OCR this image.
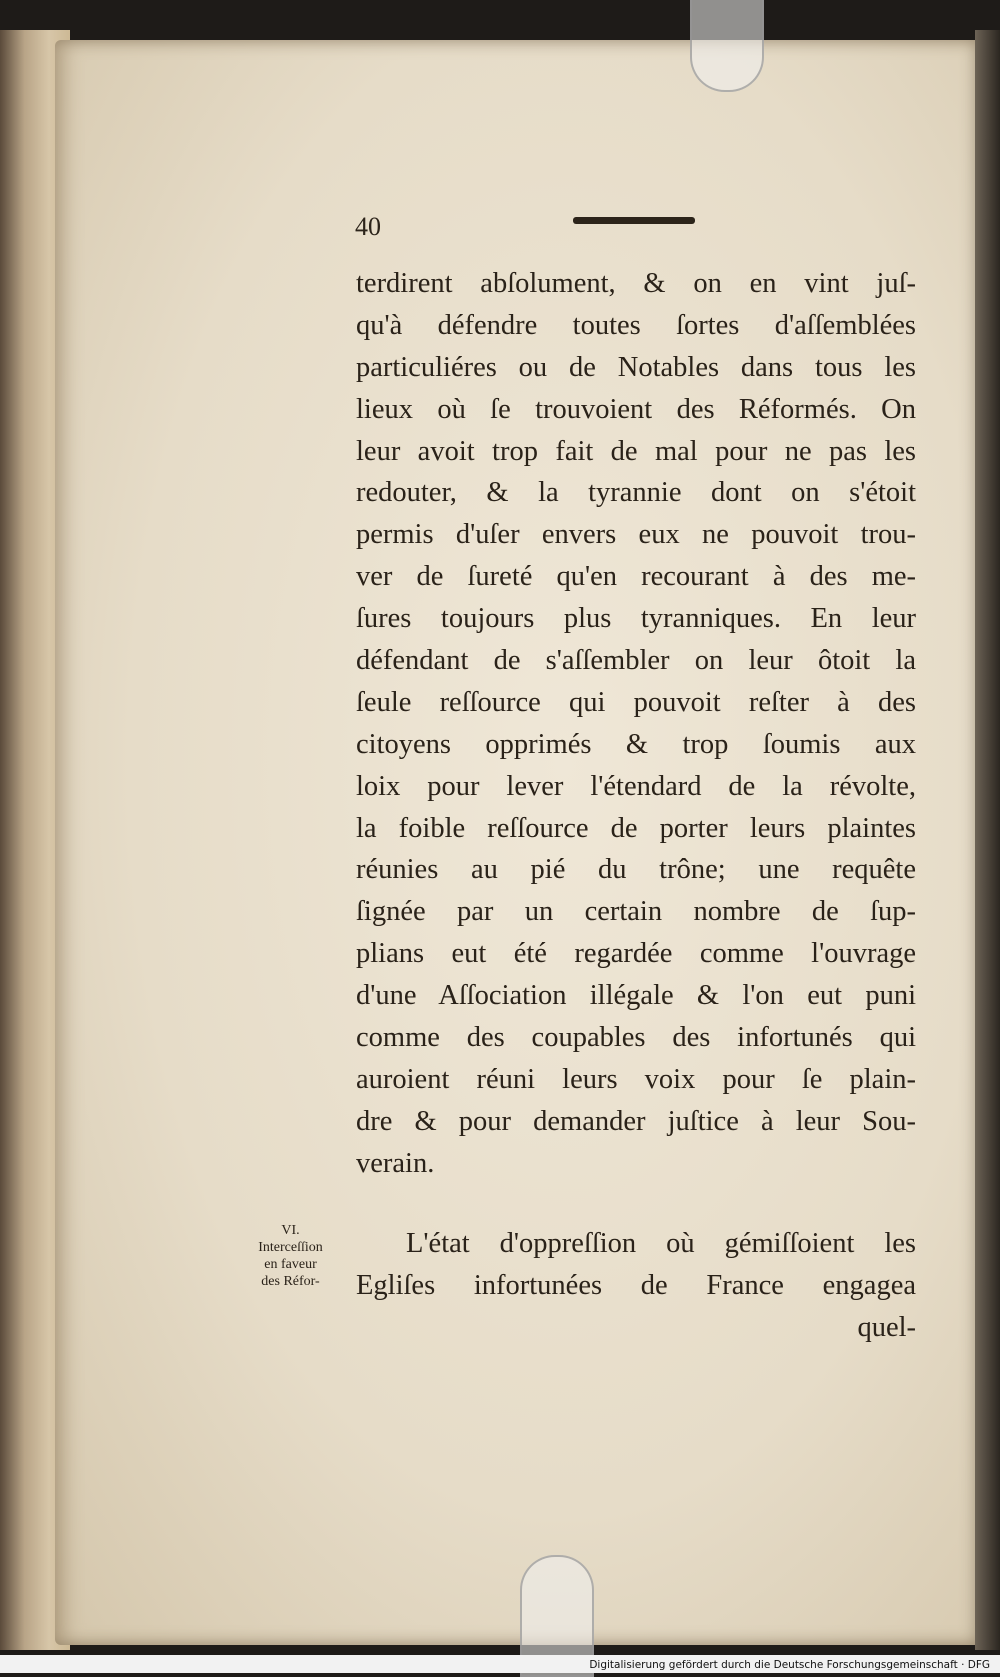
40
terdirent abſolument, & on en vint juſ-
qu'à défendre toutes ſortes d'aſſemblées
particuliéres ou de Notables dans tous les
lieux où ſe trouvoient des Réformés. On
leur avoit trop fait de mal pour ne pas les
redouter, & la tyrannie dont on s'étoit
permis d'uſer envers eux ne pouvoit trou-
ver de ſureté qu'en recourant à des me-
ſures toujours plus tyranniques. En leur
défendant de s'aſſembler on leur ôtoit la
ſeule reſſource qui pouvoit reſter à des
citoyens opprimés & trop ſoumis aux
loix pour lever l'étendard de la révolte,
la foible reſſource de porter leurs plaintes
réunies au pié du trône; une requête
ſignée par un certain nombre de ſup-
plians eut été regardée comme l'ouvrage
d'une Aſſociation illégale & l'on eut puni
comme des coupables des infortunés qui
auroient réuni leurs voix pour ſe plain-
dre & pour demander juſtice à leur Sou-
verain.
VI.
Interceſſion
en faveur
des Réfor-
L'état d'oppreſſion où gémiſſoient les
Egliſes infortunées de France engagea
quel-
Digitalisierung gefördert durch die Deutsche Forschungsgemeinschaft · DFG
